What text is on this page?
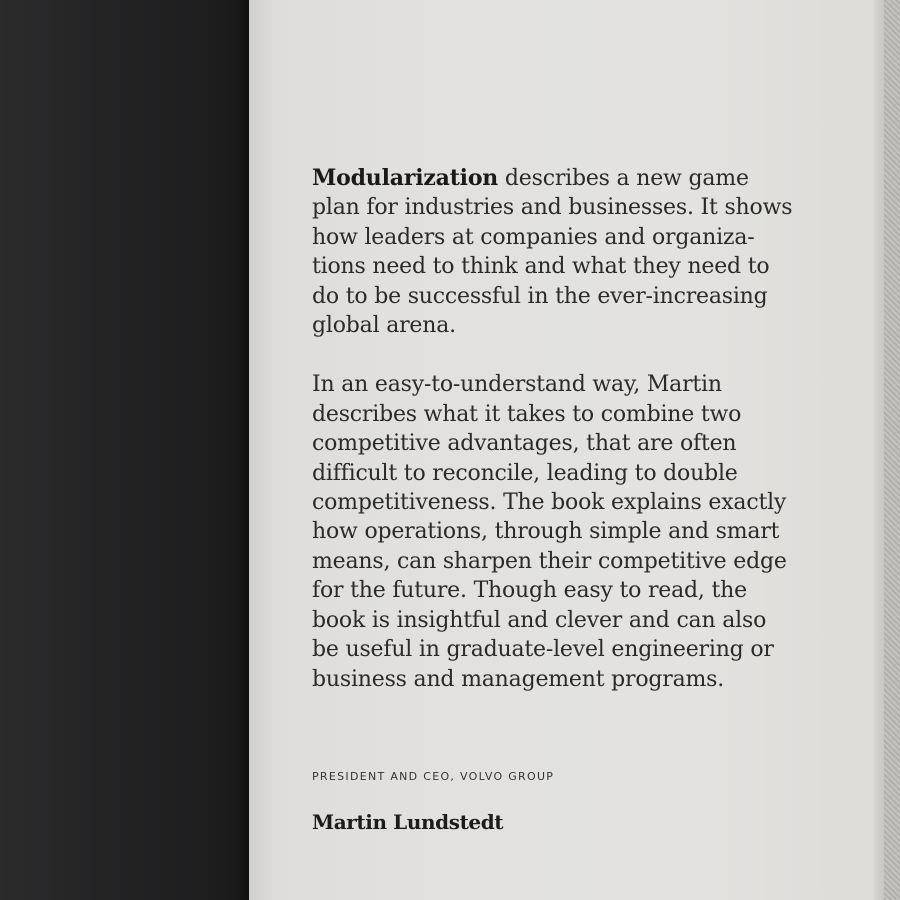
Modularization describes a new game
plan for industries and businesses. It shows
how leaders at companies and organiza-
tions need to think and what they need to
do to be successful in the ever-increasing
global arena.

In an easy-to-understand way, Martin
describes what it takes to combine two
competitive advantages, that are often
difficult to reconcile, leading to double
competitiveness. The book explains exactly
how operations, through simple and smart
means, can sharpen their competitive edge
for the future. Though easy to read, the
book is insightful and clever and can also
be useful in graduate-level engineering or
business and management programs.

PRESIDENT AND CEO, VOLVO GROUP
Martin Lundstedt
